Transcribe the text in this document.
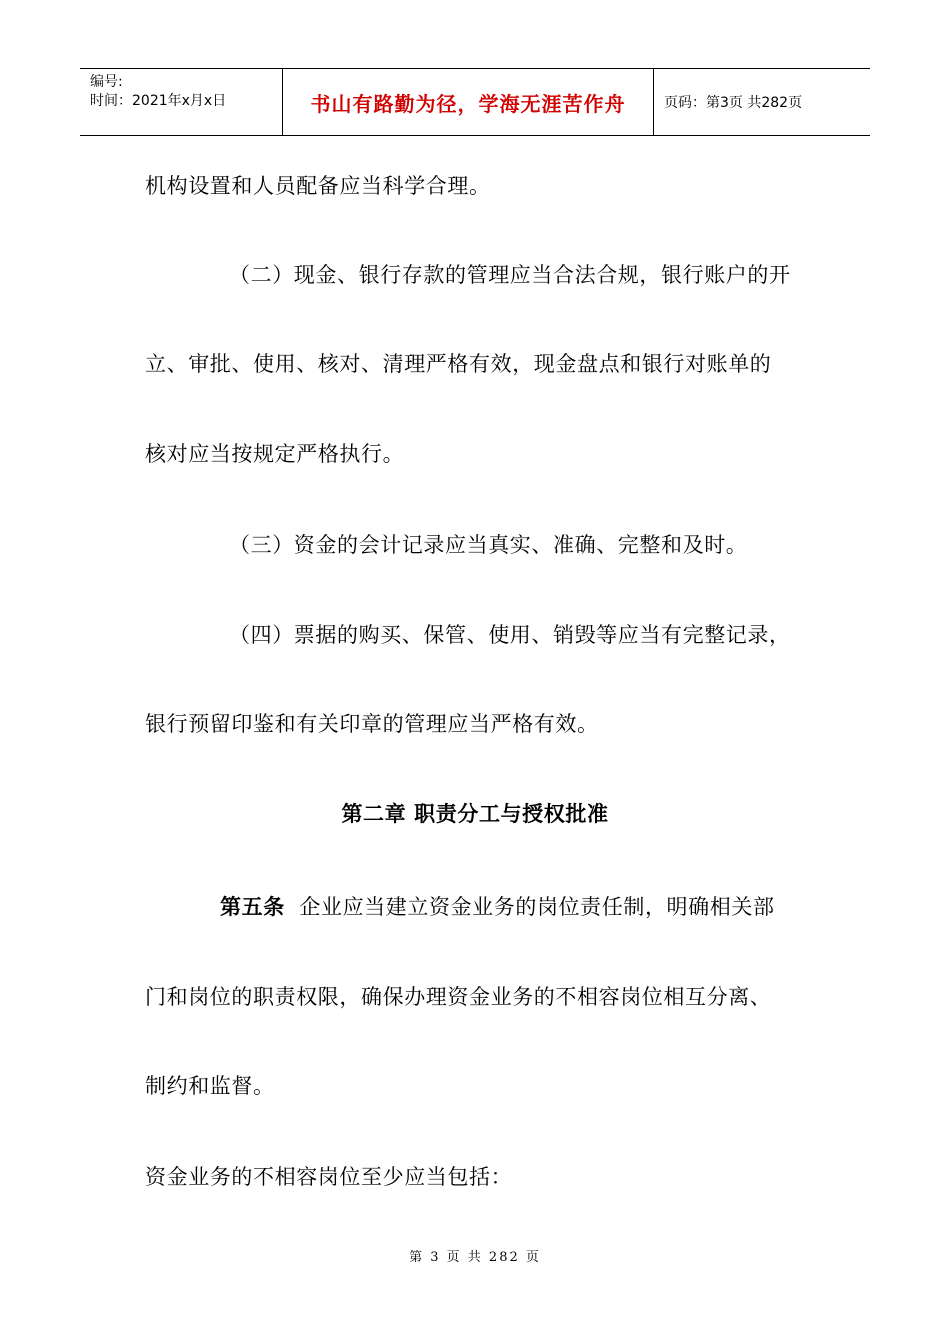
编号:
时间：2021年x月x日	书山有路勤为径，学海无涯苦作舟	页码：第3页 共282页
机构设置和人员配备应当科学合理。
（二）现金、银行存款的管理应当合法合规，银行账户的开
立、审批、使用、核对、清理严格有效，现金盘点和银行对账单的
核对应当按规定严格执行。
（三）资金的会计记录应当真实、准确、完整和及时。
（四）票据的购买、保管、使用、销毁等应当有完整记录，
银行预留印鉴和有关印章的管理应当严格有效。
第二章 职责分工与授权批准
第五条  企业应当建立资金业务的岗位责任制，明确相关部
门和岗位的职责权限，确保办理资金业务的不相容岗位相互分离、
制约和监督。
资金业务的不相容岗位至少应当包括：
第 3 页 共 282 页
